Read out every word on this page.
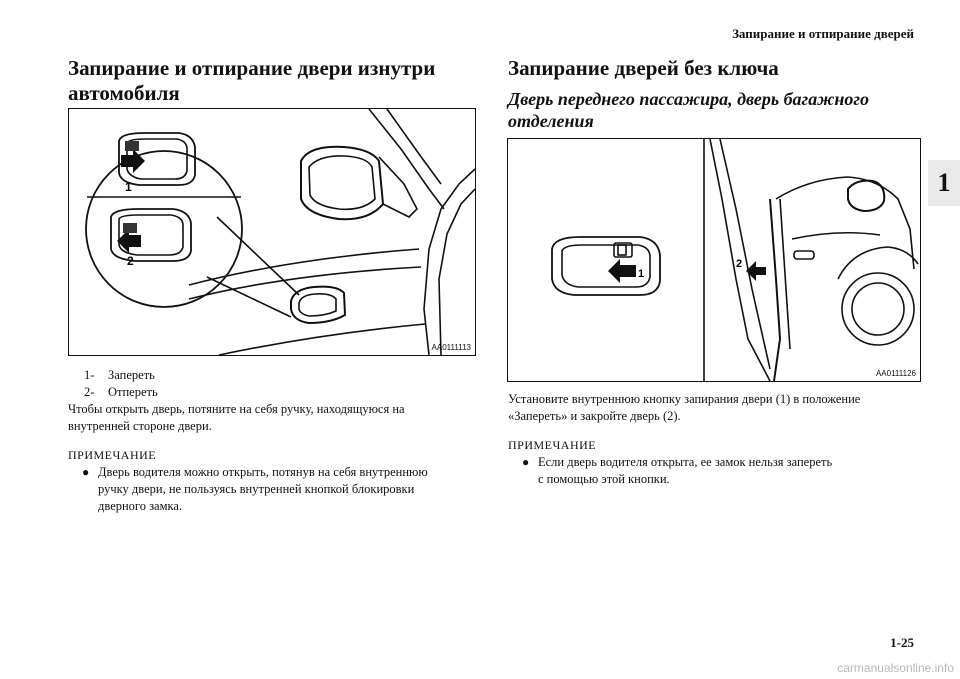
Запирание и отпирание дверей
1
Запирание и отпирание двери изнутри
автомобиля
1
2
AA0111113
1-	Запереть
2-	Отпереть
Чтобы открыть дверь, потяните на себя ручку, находящуюся на
внутренней стороне двери.
ПРИМЕЧАНИЕ
● Дверь водителя можно открыть, потянув на себя внутреннюю
ручку двери, не пользуясь внутренней кнопкой блокировки
дверного замка.
Запирание дверей без ключа
Дверь переднего пассажира, дверь багажного
отделения
1
2
AA0111126
Установите внутреннюю кнопку запирания двери (1) в положение
«Запереть» и закройте дверь (2).
ПРИМЕЧАНИЕ
● Если дверь водителя открыта, ее замок нельзя запереть
с помощью этой кнопки.
1-25
carmanualsonline.info
